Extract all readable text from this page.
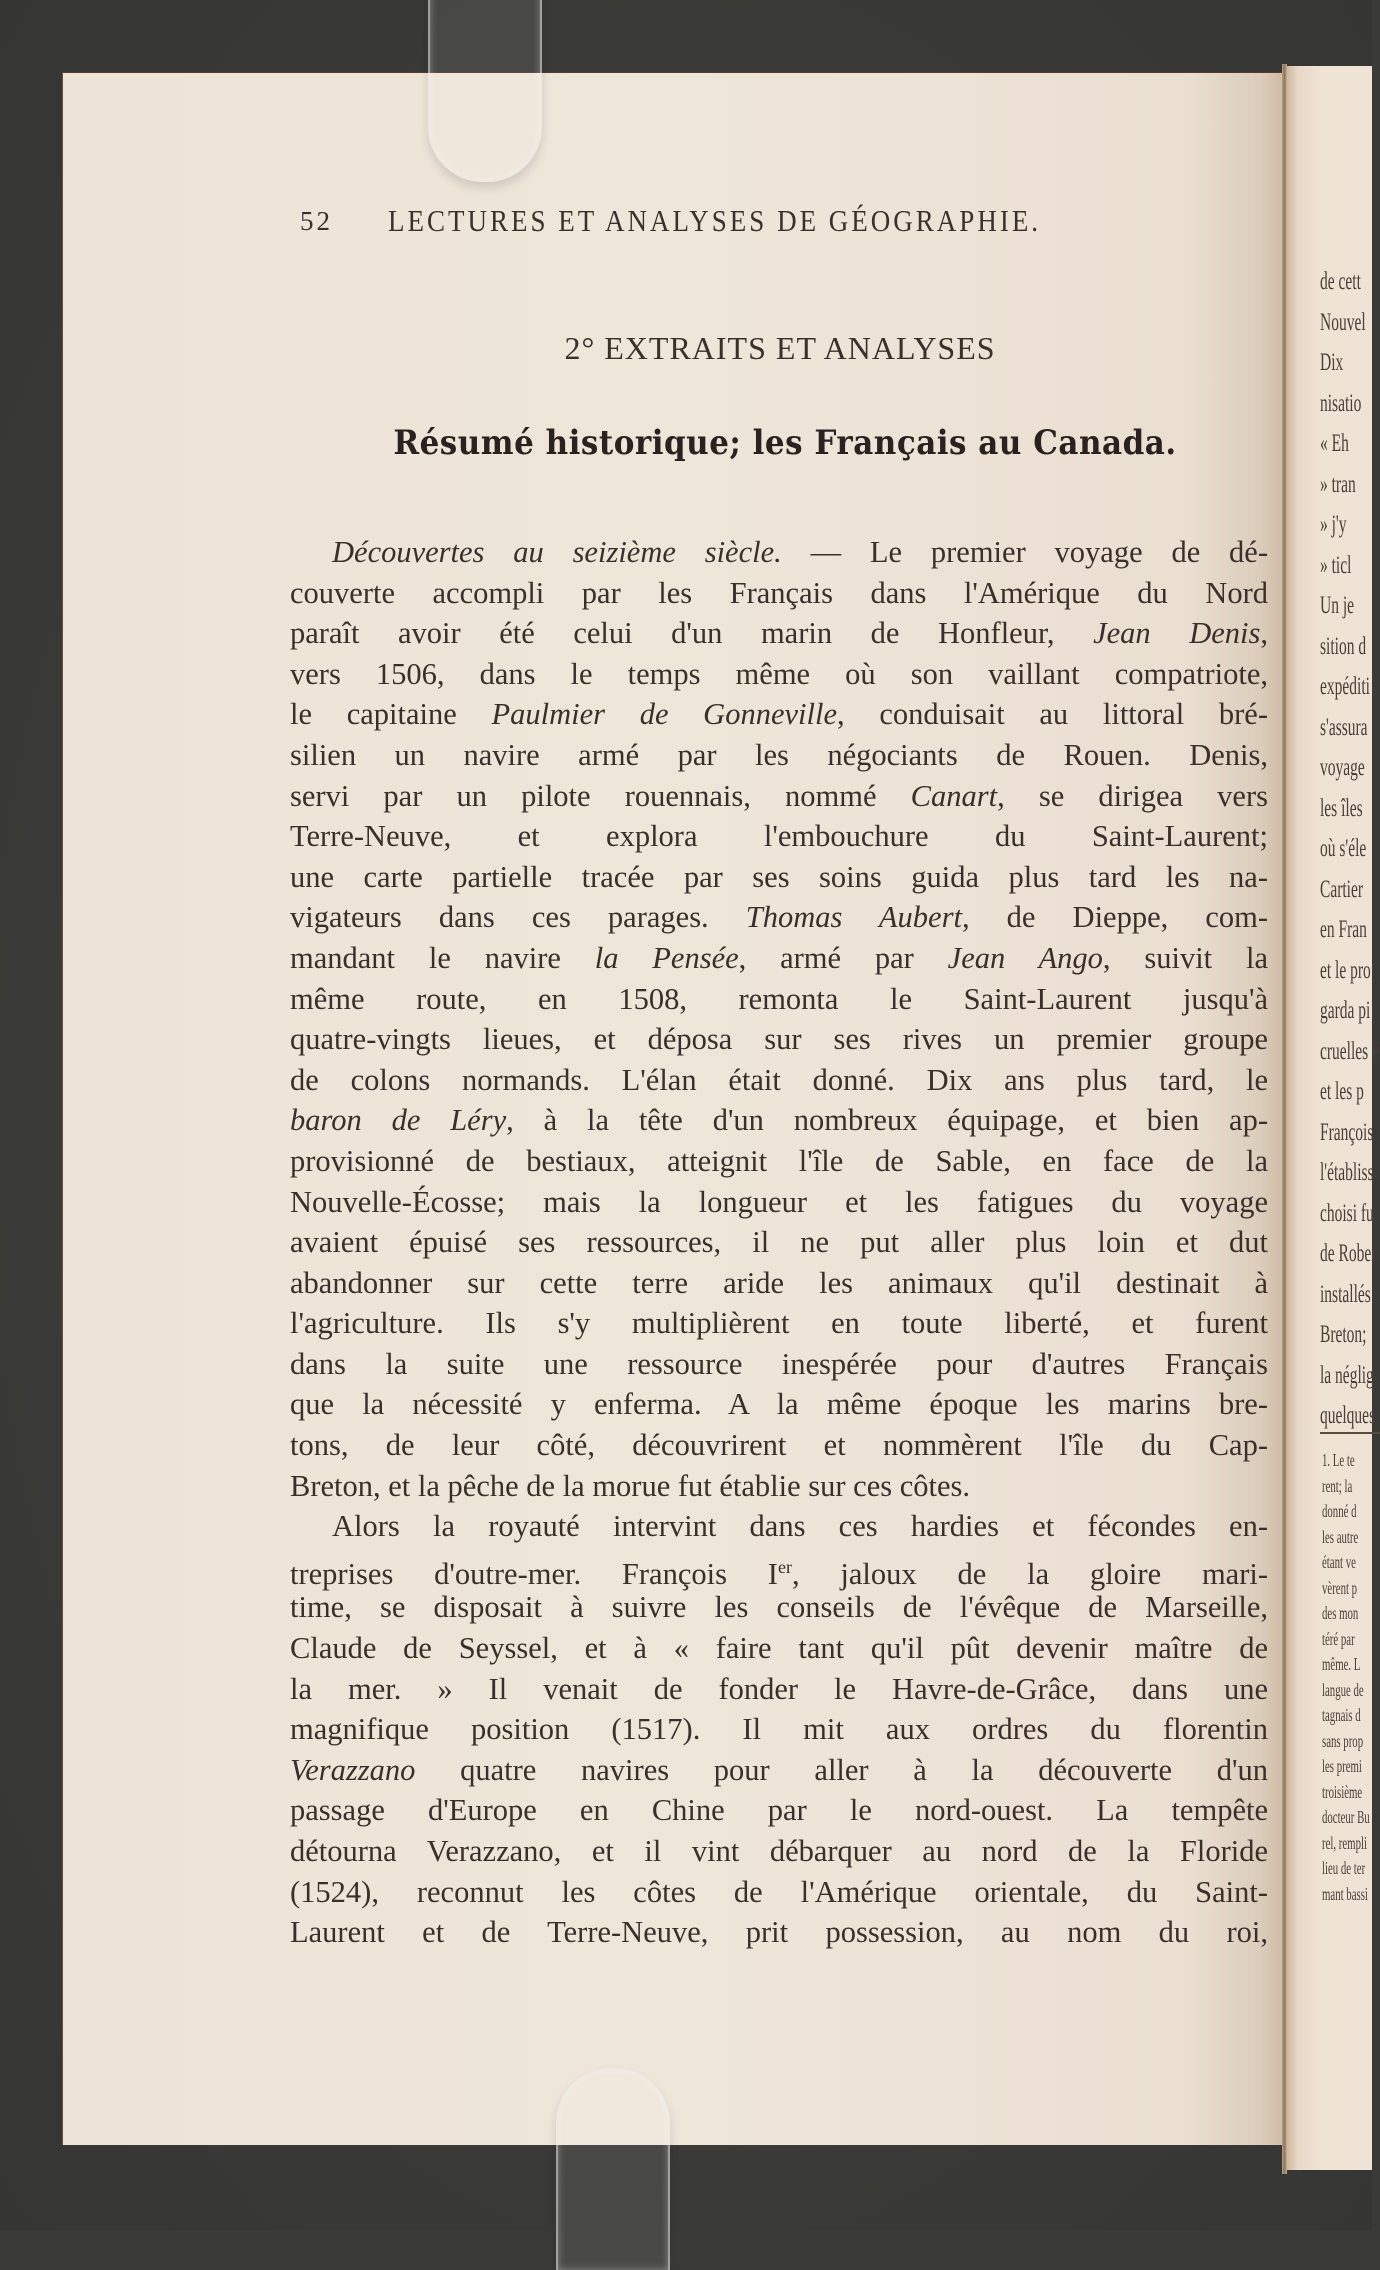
52	LECTURES ET ANALYSES DE GÉOGRAPHIE.
2° EXTRAITS ET ANALYSES
Résumé historique; les Français au Canada.
Découvertes au seizième siècle. — Le premier voyage de dé-
couverte accompli par les Français dans l'Amérique du Nord
paraît avoir été celui d'un marin de Honfleur, Jean Denis,
vers 1506, dans le temps même où son vaillant compatriote,
le capitaine Paulmier de Gonneville, conduisait au littoral bré-
silien un navire armé par les négociants de Rouen. Denis,
servi par un pilote rouennais, nommé Canart, se dirigea vers
Terre-Neuve, et explora l'embouchure du Saint-Laurent;
une carte partielle tracée par ses soins guida plus tard les na-
vigateurs dans ces parages. Thomas Aubert, de Dieppe, com-
mandant le navire la Pensée, armé par Jean Ango, suivit la
même route, en 1508, remonta le Saint-Laurent jusqu'à
quatre-vingts lieues, et déposa sur ses rives un premier groupe
de colons normands. L'élan était donné. Dix ans plus tard, le
baron de Léry, à la tête d'un nombreux équipage, et bien ap-
provisionné de bestiaux, atteignit l'île de Sable, en face de la
Nouvelle-Écosse; mais la longueur et les fatigues du voyage
avaient épuisé ses ressources, il ne put aller plus loin et dut
abandonner sur cette terre aride les animaux qu'il destinait à
l'agriculture. Ils s'y multiplièrent en toute liberté, et furent
dans la suite une ressource inespérée pour d'autres Français
que la nécessité y enferma. A la même époque les marins bre-
tons, de leur côté, découvrirent et nommèrent l'île du Cap-
Breton, et la pêche de la morue fut établie sur ces côtes.
Alors la royauté intervint dans ces hardies et fécondes en-
treprises d'outre-mer. François Ier, jaloux de la gloire mari-
time, se disposait à suivre les conseils de l'évêque de Marseille,
Claude de Seyssel, et à « faire tant qu'il pût devenir maître de
la mer. » Il venait de fonder le Havre-de-Grâce, dans une
magnifique position (1517). Il mit aux ordres du florentin
Verazzano quatre navires pour aller à la découverte d'un
passage d'Europe en Chine par le nord-ouest. La tempête
détourna Verazzano, et il vint débarquer au nord de la Floride
(1524), reconnut les côtes de l'Amérique orientale, du Saint-
Laurent et de Terre-Neuve, prit possession, au nom du roi,
de cett
Nouvel
Dix
nisatio
« Eh
» tran
» j'y
» ticl
Un je
sition d
expéditi
s'assura
voyage
les îles
où s'éle
Cartier
en Fran
et le pro
garda pi
cruelles é
et les p
François
l'établiss
choisi fu
de Rober
installés
Breton;
la néglig
quelques
1. Le te
rent; la
donné d
les autre
étant ve
vèrent p
des mon
téré par
même. L
langue de
tagnais d
sans prop
les premi
troisième
docteur Bu
rel, rempli
lieu de ter
mant bassi
